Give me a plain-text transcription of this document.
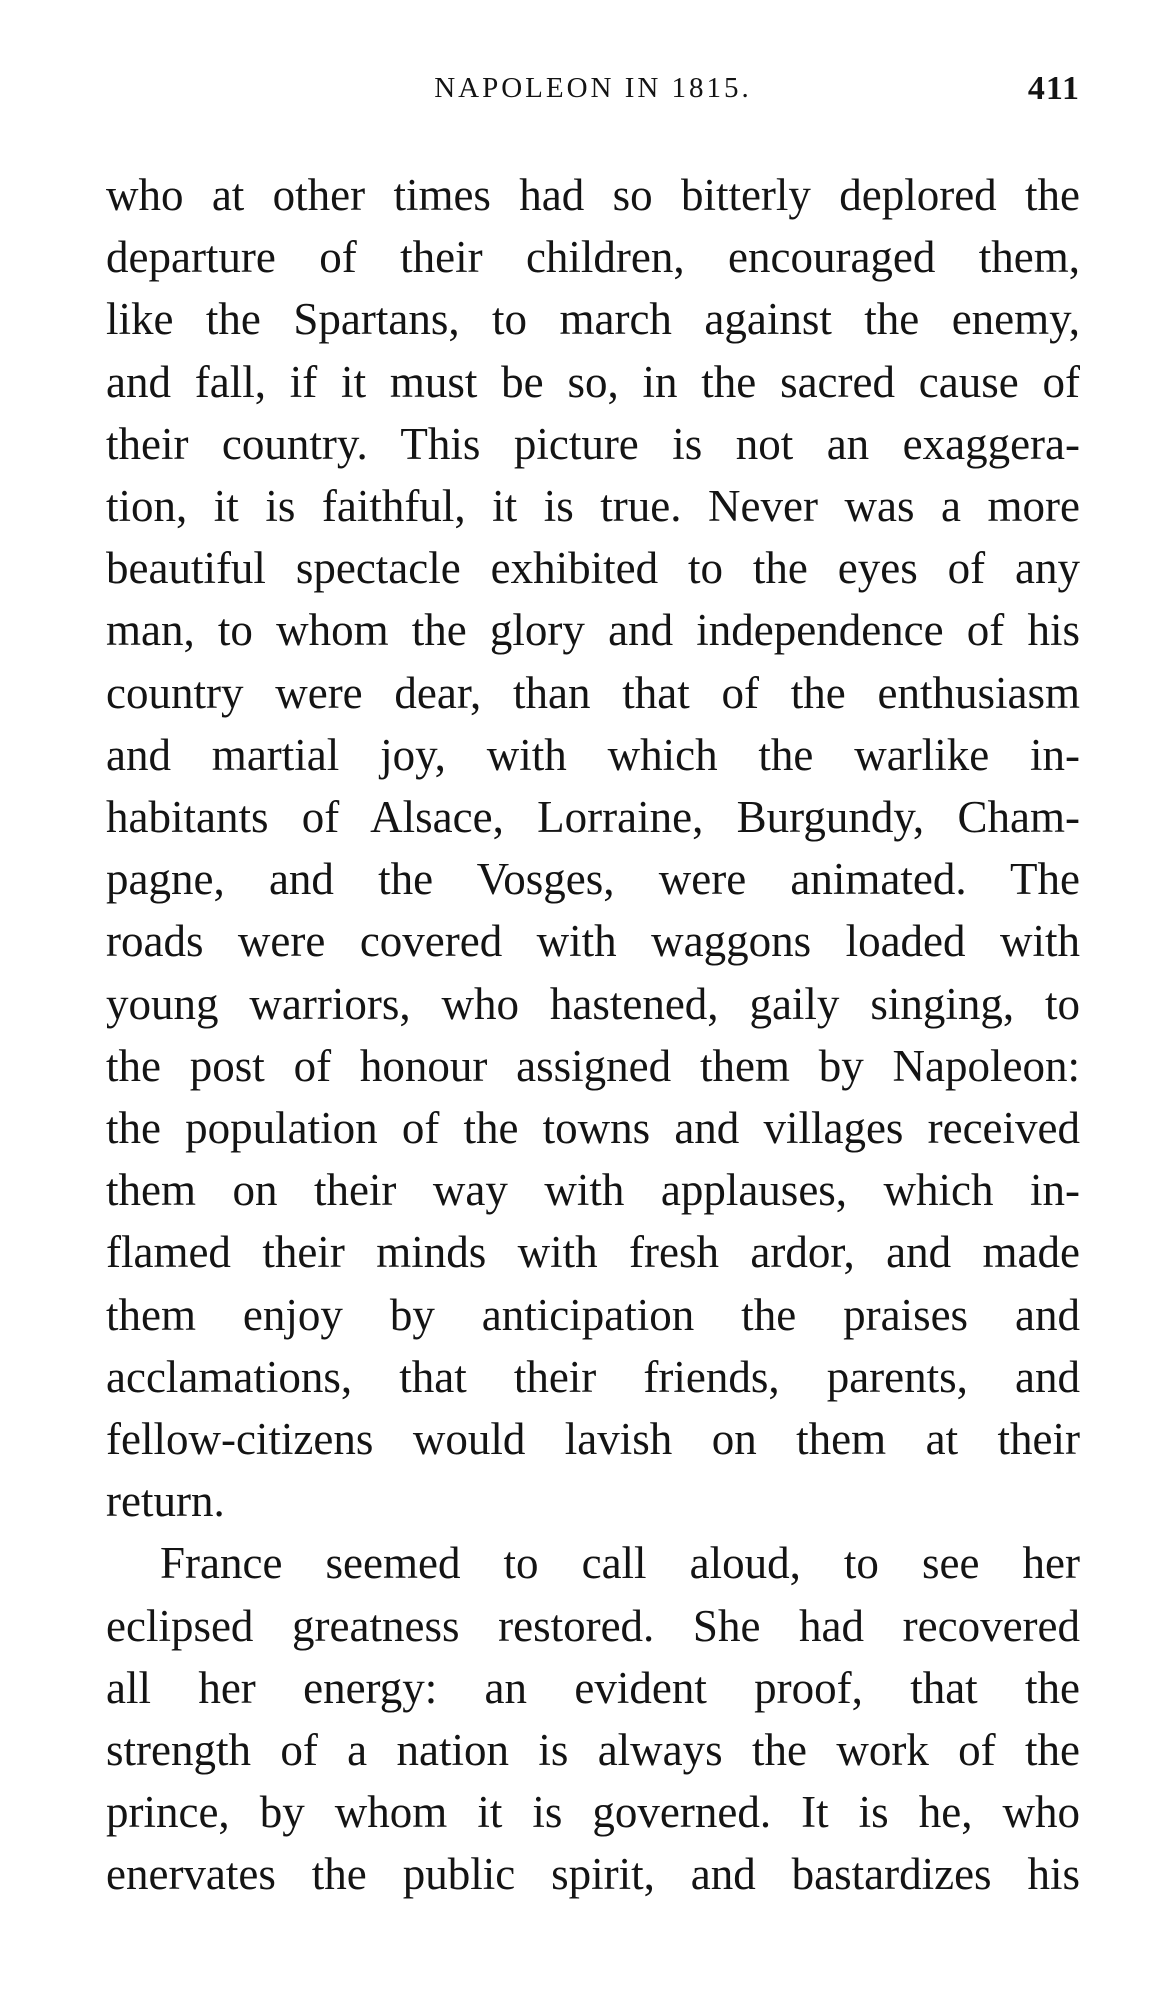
NAPOLEON IN 1815.	411
who at other times had so bitterly deplored the
departure of their children, encouraged them,
like the Spartans, to march against the enemy,
and fall, if it must be so, in the sacred cause of
their country. This picture is not an exaggera-
tion, it is faithful, it is true. Never was a more
beautiful spectacle exhibited to the eyes of any
man, to whom the glory and independence of his
country were dear, than that of the enthusiasm
and martial joy, with which the warlike in-
habitants of Alsace, Lorraine, Burgundy, Cham-
pagne, and the Vosges, were animated. The
roads were covered with waggons loaded with
young warriors, who hastened, gaily singing, to
the post of honour assigned them by Napoleon:
the population of the towns and villages received
them on their way with applauses, which in-
flamed their minds with fresh ardor, and made
them enjoy by anticipation the praises and
acclamations, that their friends, parents, and
fellow-citizens would lavish on them at their
return.
France seemed to call aloud, to see her
eclipsed greatness restored. She had recovered
all her energy: an evident proof, that the
strength of a nation is always the work of the
prince, by whom it is governed. It is he, who
enervates the public spirit, and bastardizes his
